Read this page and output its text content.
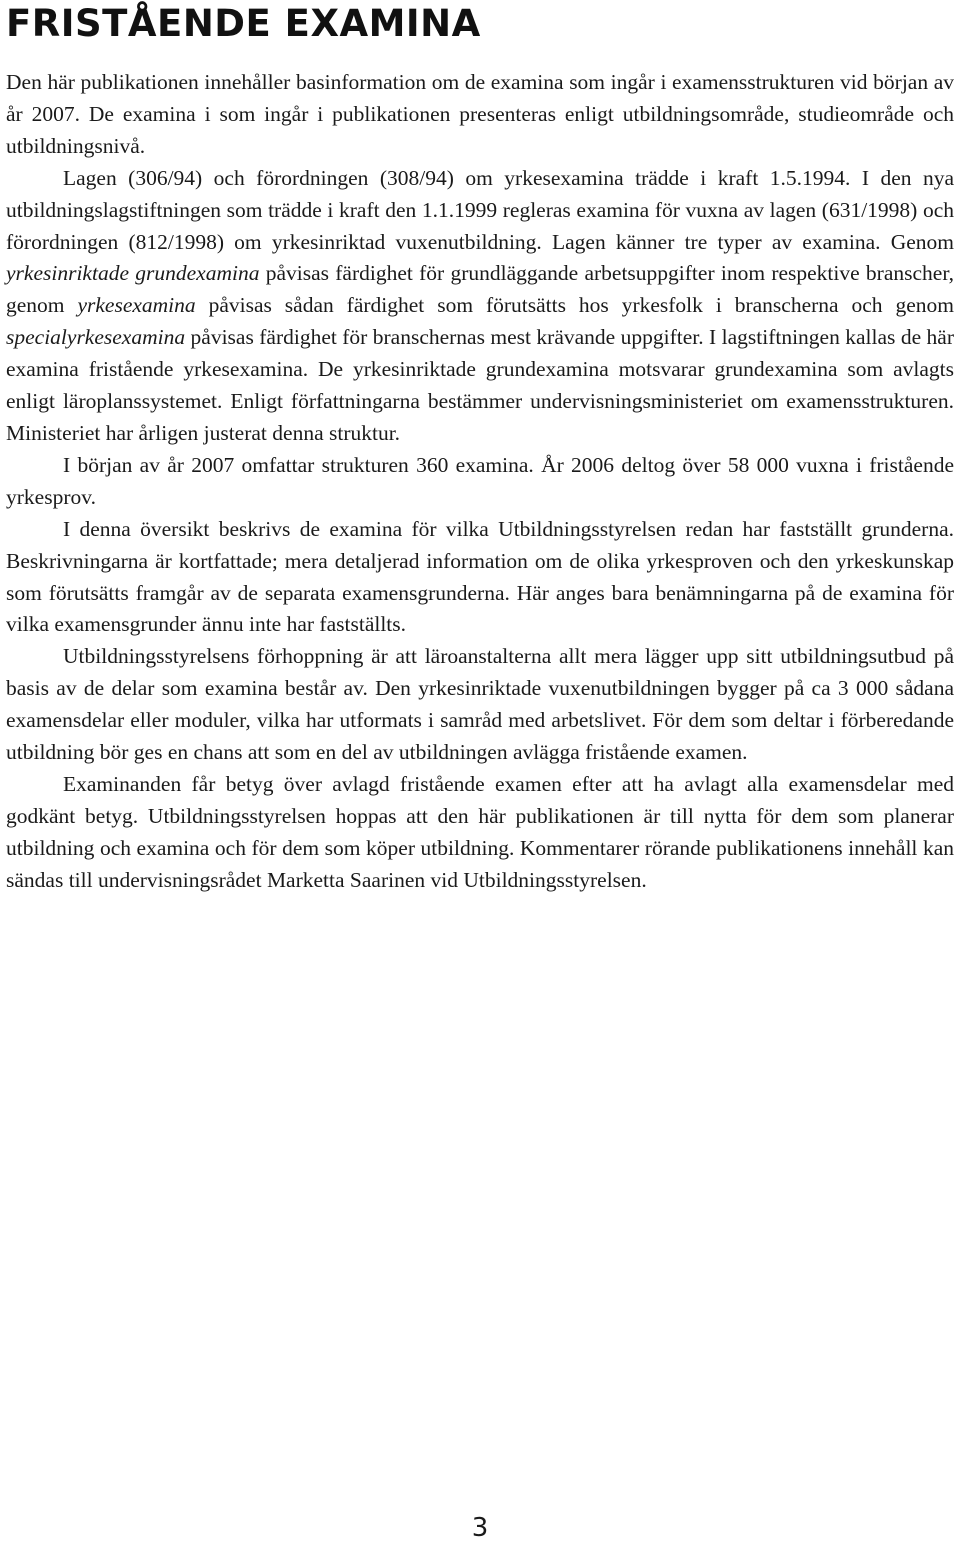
FRISTÅENDE EXAMINA

Den här publikationen innehåller basinformation om de examina som ingår i examensstrukturen vid början av år 2007. De examina i som ingår i publikationen presenteras enligt utbildningsområde, studieområde och utbildningsnivå.

Lagen (306/94) och förordningen (308/94) om yrkesexamina trädde i kraft 1.5.1994. I den nya utbildningslagstiftningen som trädde i kraft den 1.1.1999 regleras examina för vuxna av lagen (631/1998) och förordningen (812/1998) om yrkesinriktad vuxenutbildning. Lagen känner tre typer av examina. Genom yrkesinriktade grundexamina påvisas färdighet för grundläggande arbetsuppgifter inom respektive branscher, genom yrkesexamina påvisas sådan färdighet som förutsätts hos yrkesfolk i branscherna och genom specialyrkesexamina påvisas färdighet för branschernas mest krävande uppgifter. I lagstiftningen kallas de här examina fristående yrkesexamina. De yrkesinriktade grundexamina motsvarar grundexamina som avlagts enligt läroplanssystemet. Enligt författningarna bestämmer undervisningsministeriet om examensstrukturen. Ministeriet har årligen justerat denna struktur.

I början av år 2007 omfattar strukturen 360 examina. År 2006 deltog över 58 000 vuxna i fristående yrkesprov.

I denna översikt beskrivs de examina för vilka Utbildningsstyrelsen redan har fastställt grunderna. Beskrivningarna är kortfattade; mera detaljerad information om de olika yrkesproven och den yrkeskunskap som förutsätts framgår av de separata examensgrunderna. Här anges bara benämningarna på de examina för vilka examensgrunder ännu inte har fastställts.

Utbildningsstyrelsens förhoppning är att läroanstalterna allt mera lägger upp sitt utbildningsutbud på basis av de delar som examina består av. Den yrkesinriktade vuxenutbildningen bygger på ca 3 000 sådana examensdelar eller moduler, vilka har utformats i samråd med arbetslivet. För dem som deltar i förberedande utbildning bör ges en chans att som en del av utbildningen avlägga fristående examen.

Examinanden får betyg över avlagd fristående examen efter att ha avlagt alla examensdelar med godkänt betyg. Utbildningsstyrelsen hoppas att den här publikationen är till nytta för dem som planerar utbildning och examina och för dem som köper utbildning. Kommentarer rörande publikationens innehåll kan sändas till undervisningsrådet Marketta Saarinen vid Utbildningsstyrelsen.

3
